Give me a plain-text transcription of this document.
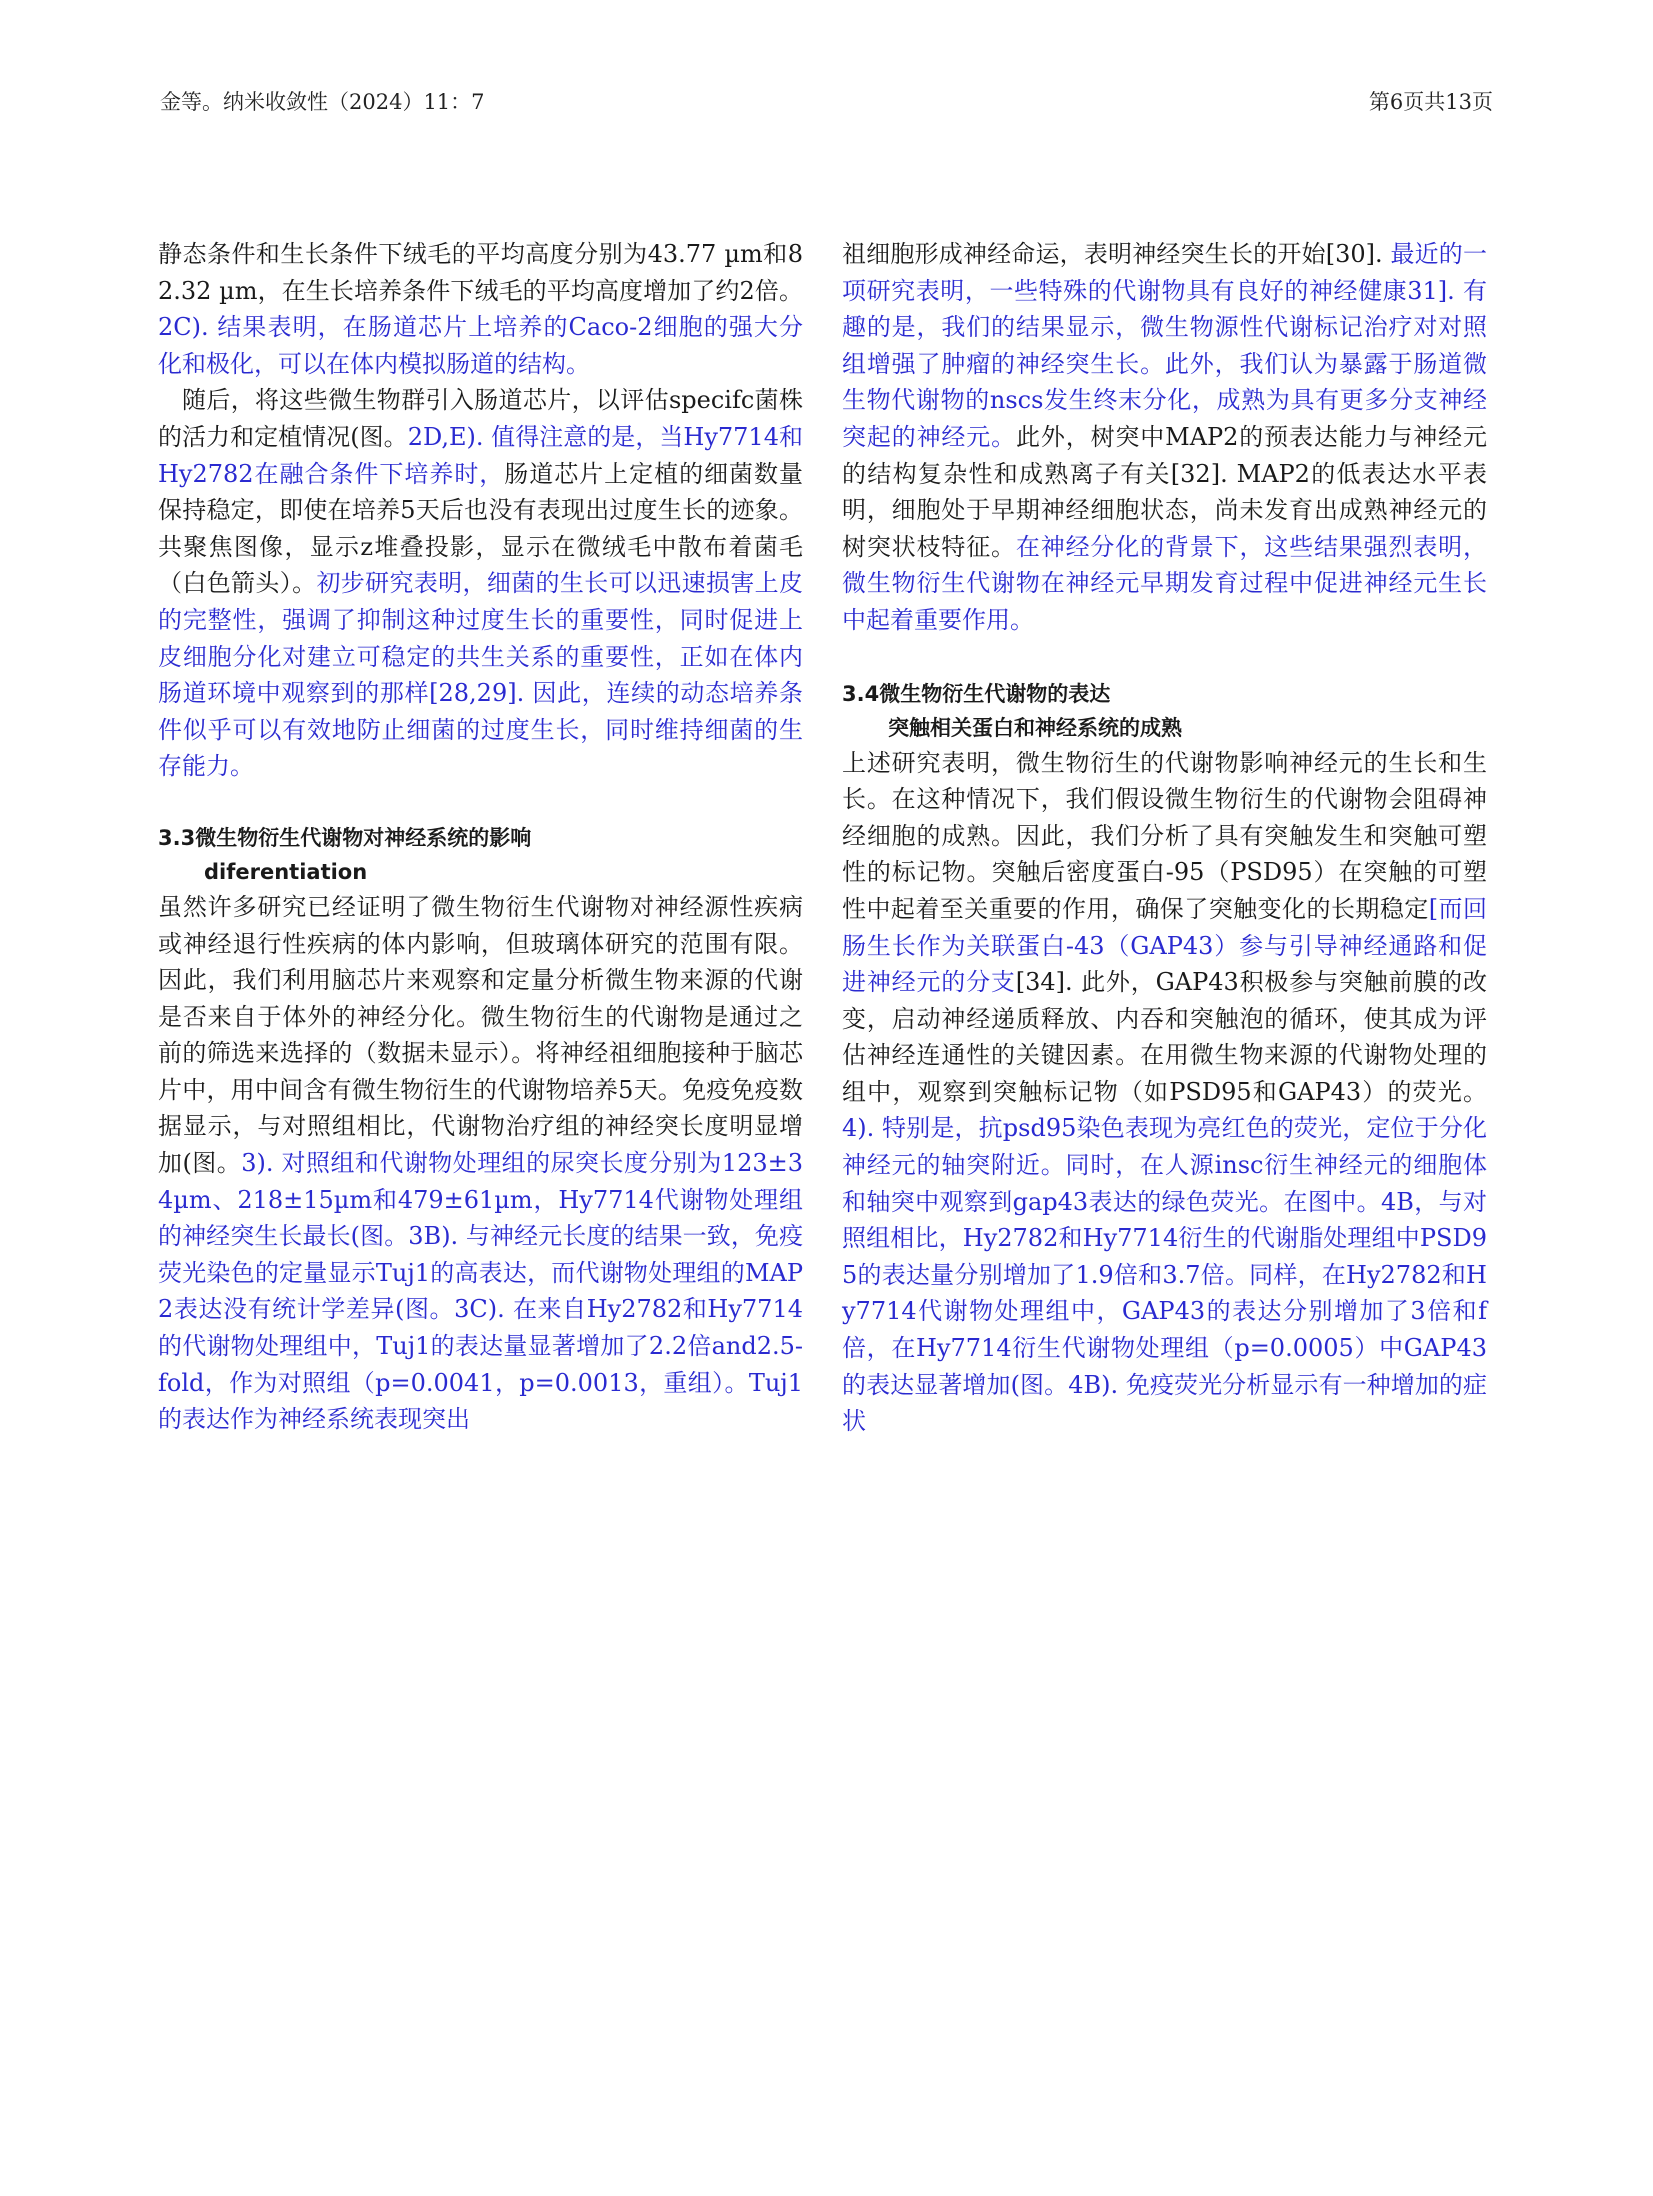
金等。纳米收敛性（2024）11：7	第6页共13页

静态条件和生长条件下绒毛的平均高度分别为43.77 µm和82.32 µm，在生长培养条件下绒毛的平均高度增加了约2倍。2C). 结果表明，在肠道芯片上培养的Caco-2细胞的强大分化和极化，可以在体内模拟肠道的结构。

随后，将这些微生物群引入肠道芯片，以评估specifc菌株的活力和定植情况(图。2D,E). 值得注意的是，当Hy7714和Hy2782在融合条件下培养时，肠道芯片上定植的细菌数量保持稳定，即使在培养5天后也没有表现出过度生长的迹象。共聚焦图像，显示z堆叠投影，显示在微绒毛中散布着菌毛（白色箭头）。初步研究表明，细菌的生长可以迅速损害上皮的完整性，强调了抑制这种过度生长的重要性，同时促进上皮细胞分化对建立可稳定的共生关系的重要性，正如在体内肠道环境中观察到的那样[28,29]. 因此，连续的动态培养条件似乎可以有效地防止细菌的过度生长，同时维持细菌的生存能力。

3.3微生物衍生代谢物对神经系统的影响

diferentiation

虽然许多研究已经证明了微生物衍生代谢物对神经源性疾病或神经退行性疾病的体内影响，但玻璃体研究的范围有限。因此，我们利用脑芯片来观察和定量分析微生物来源的代谢是否来自于体外的神经分化。微生物衍生的代谢物是通过之前的筛选来选择的（数据未显示）。将神经祖细胞接种于脑芯片中，用中间含有微生物衍生的代谢物培养5天。免疫免疫数据显示，与对照组相比，代谢物治疗组的神经突长度明显增加(图。3). 对照组和代谢物处理组的尿突长度分别为123±34µm、218±15µm和479±61µm，Hy7714代谢物处理组的神经突生长最长(图。3B). 与神经元长度的结果一致，免疫荧光染色的定量显示Tuj1的高表达，而代谢物处理组的MAP2表达没有统计学差异(图。3C). 在来自Hy2782和Hy7714的代谢物处理组中，Tuj1的表达量显著增加了2.2倍and2.5-fold，作为对照组（p=0.0041，p=0.0013，重组）。Tuj1的表达作为神经系统表现突出

祖细胞形成神经命运，表明神经突生长的开始[30]. 最近的一项研究表明，一些特殊的代谢物具有良好的神经健康31]. 有趣的是，我们的结果显示，微生物源性代谢标记治疗对对照组增强了肿瘤的神经突生长。此外，我们认为暴露于肠道微生物代谢物的nscs发生终末分化，成熟为具有更多分支神经突起的神经元。此外，树突中MAP2的预表达能力与神经元的结构复杂性和成熟离子有关[32]. MAP2的低表达水平表明，细胞处于早期神经细胞状态，尚未发育出成熟神经元的树突状枝特征。在神经分化的背景下，这些结果强烈表明，微生物衍生代谢物在神经元早期发育过程中促进神经元生长中起着重要作用。

3.4微生物衍生代谢物的表达

突触相关蛋白和神经系统的成熟

上述研究表明，微生物衍生的代谢物影响神经元的生长和生长。在这种情况下，我们假设微生物衍生的代谢物会阻碍神经细胞的成熟。因此，我们分析了具有突触发生和突触可塑性的标记物。突触后密度蛋白-95（PSD95）在突触的可塑性中起着至关重要的作用，确保了突触变化的长期稳定[而回肠生长作为关联蛋白-43（GAP43）参与引导神经通路和促进神经元的分支[34]. 此外，GAP43积极参与突触前膜的改变，启动神经递质释放、内吞和突触泡的循环，使其成为评估神经连通性的关键因素。在用微生物来源的代谢物处理的组中，观察到突触标记物（如PSD95和GAP43）的荧光。4). 特别是，抗psd95染色表现为亮红色的荧光，定位于分化神经元的轴突附近。同时，在人源insc衍生神经元的细胞体和轴突中观察到gap43表达的绿色荧光。在图中。4B，与对照组相比，Hy2782和Hy7714衍生的代谢脂处理组中PSD95的表达量分别增加了1.9倍和3.7倍。同样，在Hy2782和Hy7714代谢物处理组中，GAP43的表达分别增加了3倍和f倍，在Hy7714衍生代谢物处理组（p=0.0005）中GAP43的表达显著增加(图。4B). 免疫荧光分析显示有一种增加的症状
